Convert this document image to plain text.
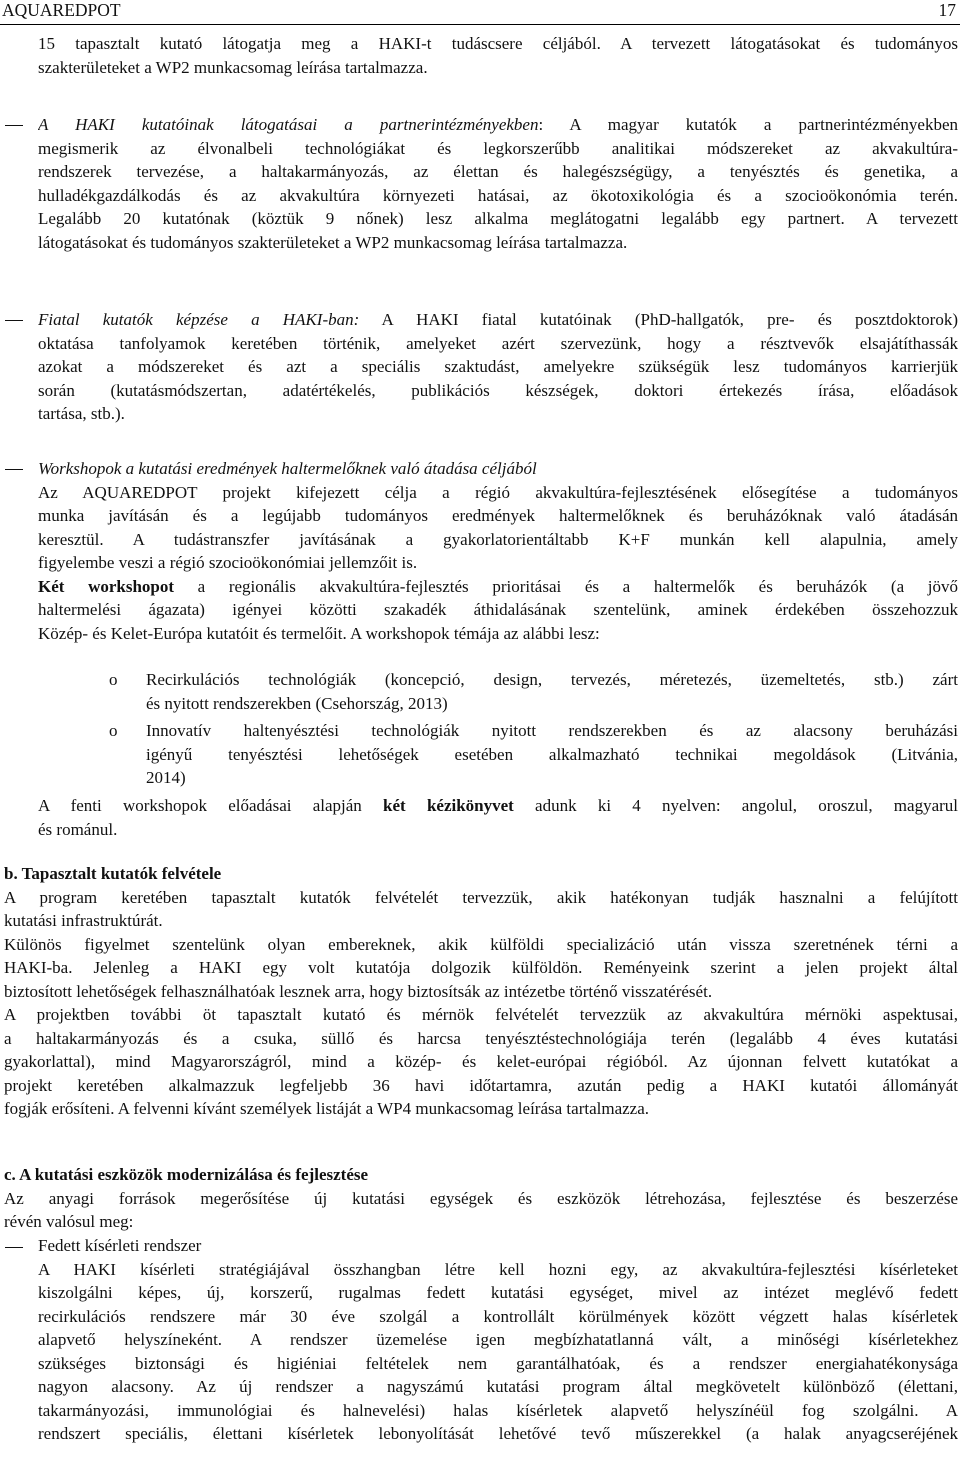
AQUAREDPOT	17
15 tapasztalt kutató látogatja meg a HAKI-t tudáscsere céljából. A tervezett látogatásokat és tudományos
szakterületeket a WP2 munkacsomag leírása tartalmazza.
A HAKI kutatóinak látogatásai a partnerintézményekben: A magyar kutatók a partnerintézményekben
megismerik az élvonalbeli technológiákat és legkorszerűbb analitikai módszereket az akvakultúra-
rendszerek tervezése, a haltakarmányozás, az élettan és halegészségügy, a tenyésztés és genetika, a
hulladékgazdálkodás és az akvakultúra környezeti hatásai, az ökotoxikológia és a szocioökonómia terén.
Legalább 20 kutatónak (köztük 9 nőnek) lesz alkalma meglátogatni legalább egy partnert. A tervezett
látogatásokat és tudományos szakterületeket a WP2 munkacsomag leírása tartalmazza.
Fiatal kutatók képzése a HAKI-ban: A HAKI fiatal kutatóinak (PhD-hallgatók, pre- és posztdoktorok)
oktatása tanfolyamok keretében történik, amelyeket azért szervezünk, hogy a résztvevők elsajátíthassák
azokat a módszereket és azt a speciális szaktudást, amelyekre szükségük lesz tudományos karrierjük
során (kutatásmódszertan, adatértékelés, publikációs készségek, doktori értekezés írása, előadások
tartása, stb.).
Workshopok a kutatási eredmények haltermelőknek való átadása céljából
Az AQUAREDPOT projekt kifejezett célja a régió akvakultúra-fejlesztésének elősegítése a tudományos
munka javításán és a legújabb tudományos eredmények haltermelőknek és beruházóknak való átadásán
keresztül. A tudástranszfer javításának a gyakorlatorientáltabb K+F munkán kell alapulnia, amely
figyelembe veszi a régió szocioökonómiai jellemzőit is.
Két workshopot a regionális akvakultúra-fejlesztés prioritásai és a haltermelők és beruházók (a jövő
haltermelési ágazata) igényei közötti szakadék áthidalásának szentelünk, aminek érdekében összehozzuk
Közép- és Kelet-Európa kutatóit és termelőit. A workshopok témája az alábbi lesz:
o Recirkulációs technológiák (koncepció, design, tervezés, méretezés, üzemeltetés, stb.) zárt
és nyitott rendszerekben (Csehország, 2013)
o Innovatív haltenyésztési technológiák nyitott rendszerekben és az alacsony beruházási
igényű tenyésztési lehetőségek esetében alkalmazható technikai megoldások (Litvánia,
2014)
A fenti workshopok előadásai alapján két kézikönyvet adunk ki 4 nyelven: angolul, oroszul, magyarul
és románul.
b. Tapasztalt kutatók felvétele
A program keretében tapasztalt kutatók felvételét tervezzük, akik hatékonyan tudják hasznalni a felújított
kutatási infrastruktúrát.
Különös figyelmet szentelünk olyan embereknek, akik külföldi specializáció után vissza szeretnének térni a
HAKI-ba. Jelenleg a HAKI egy volt kutatója dolgozik külföldön. Reményeink szerint a jelen projekt által
biztosított lehetőségek felhasználhatóak lesznek arra, hogy biztosítsák az intézetbe történő visszatérését.
A projektben további öt tapasztalt kutató és mérnök felvételét tervezzük az akvakultúra mérnöki aspektusai,
a haltakarmányozás és a csuka, süllő és harcsa tenyésztéstechnológiája terén (legalább 4 éves kutatási
gyakorlattal), mind Magyarországról, mind a közép- és kelet-európai régióból. Az újonnan felvett kutatókat a
projekt keretében alkalmazzuk legfeljebb 36 havi időtartamra, azután pedig a HAKI kutatói állományát
fogják erősíteni. A felvenni kívánt személyek listáját a WP4 munkacsomag leírása tartalmazza.
c. A kutatási eszközök modernizálása és fejlesztése
Az anyagi források megerősítése új kutatási egységek és eszközök létrehozása, fejlesztése és beszerzése
révén valósul meg:
Fedett kísérleti rendszer
A HAKI kísérleti stratégiájával összhangban létre kell hozni egy, az akvakultúra-fejlesztési kísérleteket
kiszolgálni képes, új, korszerű, rugalmas fedett kutatási egységet, mivel az intézet meglévő fedett
recirkulációs rendszere már 30 éve szolgál a kontrollált körülmények között végzett halas kísérletek
alapvető helyszíneként. A rendszer üzemelése igen megbízhatatlanná vált, a minőségi kísérletekhez
szükséges biztonsági és higiéniai feltételek nem garantálhatóak, és a rendszer energiahatékonysága
nagyon alacsony. Az új rendszer a nagyszámú kutatási program által megkövetelt különböző (élettani,
takarmányozási, immunológiai és halnevelési) halas kísérletek alapvető helyszínéül fog szolgálni. A
rendszert speciális, élettani kísérletek lebonyolítását lehetővé tevő műszerekkel (a halak anyagcseréjének
